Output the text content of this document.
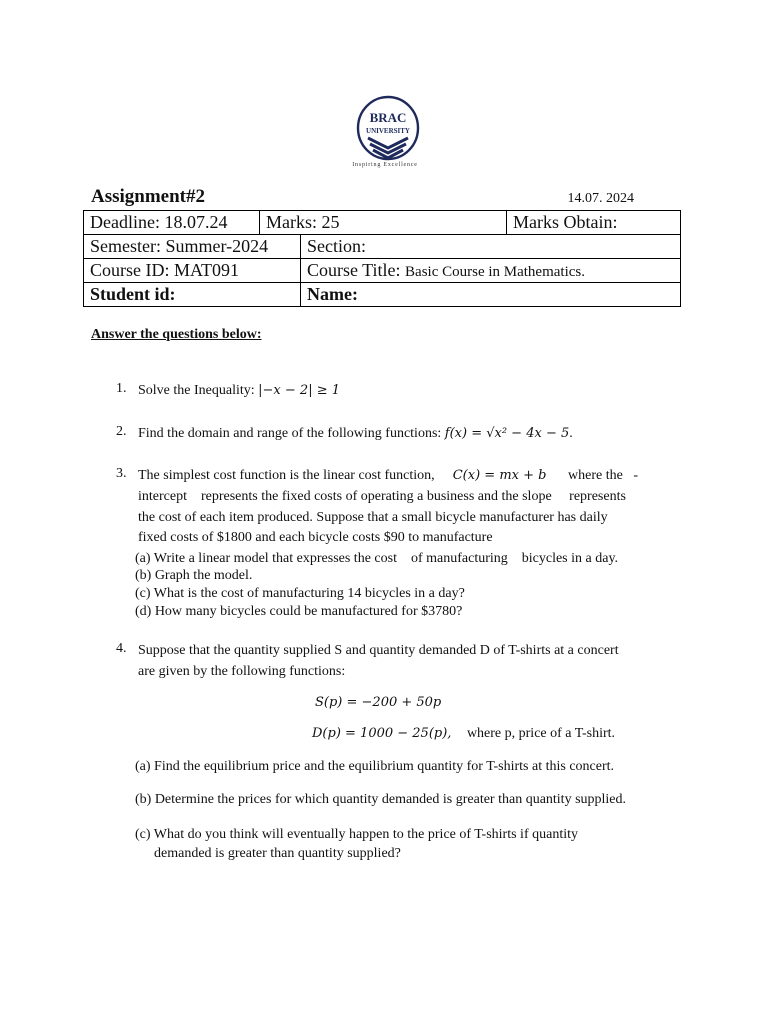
BRAC
UNIVERSITY
Inspiring Excellence
Assignment#2	14.07. 2024
Deadline: 18.07.24	Marks: 25		Marks Obtain:
Semester: Summer-2024		Section:	
Course ID: MAT091		Course Title: Basic Course in Mathematics.	
Student id:		Name:	
Answer the questions below:
1. Solve the Inequality: |−x − 2| ≥ 1
2. Find the domain and range of the following functions: f(x) = √x² − 4x − 5.
3. The simplest cost function is the linear cost function, C(x) = mx + b where the   -
intercept    represents the fixed costs of operating a business and the slope     represents
the cost of each item produced. Suppose that a small bicycle manufacturer has daily
fixed costs of $1800 and each bicycle costs $90 to manufacture
(a) Write a linear model that expresses the cost    of manufacturing    bicycles in a day.
(b) Graph the model.
(c) What is the cost of manufacturing 14 bicycles in a day?
(d) How many bicycles could be manufactured for $3780?
4. Suppose that the quantity supplied S and quantity demanded D of T-shirts at a concert
are given by the following functions:
S(p) = −200 + 50p
D(p) = 1000 − 25(p), where p, price of a T-shirt.
(a) Find the equilibrium price and the equilibrium quantity for T-shirts at this concert.
(b) Determine the prices for which quantity demanded is greater than quantity supplied.
(c) What do you think will eventually happen to the price of T-shirts if quantity
demanded is greater than quantity supplied?
